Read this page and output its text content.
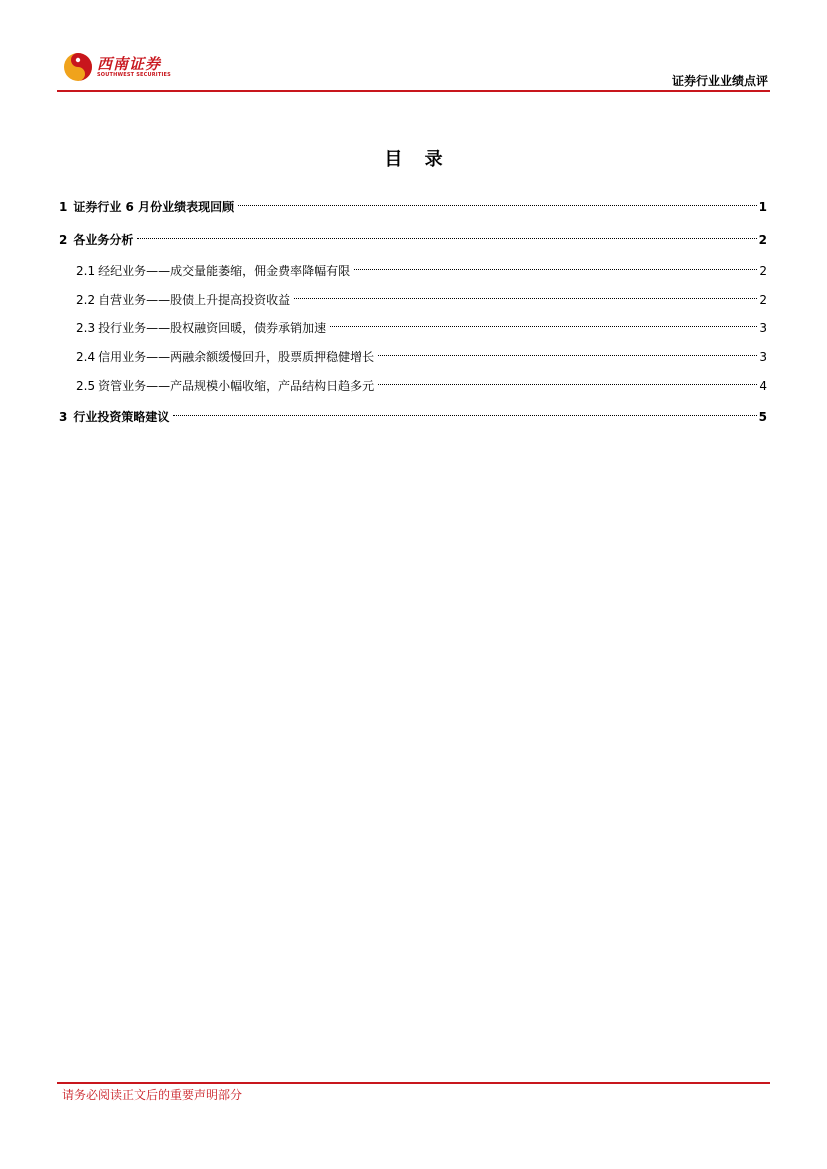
西南证券
SOUTHWEST SECURITIES	证券行业业绩点评
目 录
1 证券行业 6 月份业绩表现回顾	1
2 各业务分析	2
2.1 经纪业务——成交量能萎缩，佣金费率降幅有限	2
2.2 自营业务——股债上升提高投资收益	2
2.3 投行业务——股权融资回暖，债券承销加速	3
2.4 信用业务——两融余额缓慢回升，股票质押稳健增长	3
2.5 资管业务——产品规模小幅收缩，产品结构日趋多元	4
3 行业投资策略建议	5
请务必阅读正文后的重要声明部分
